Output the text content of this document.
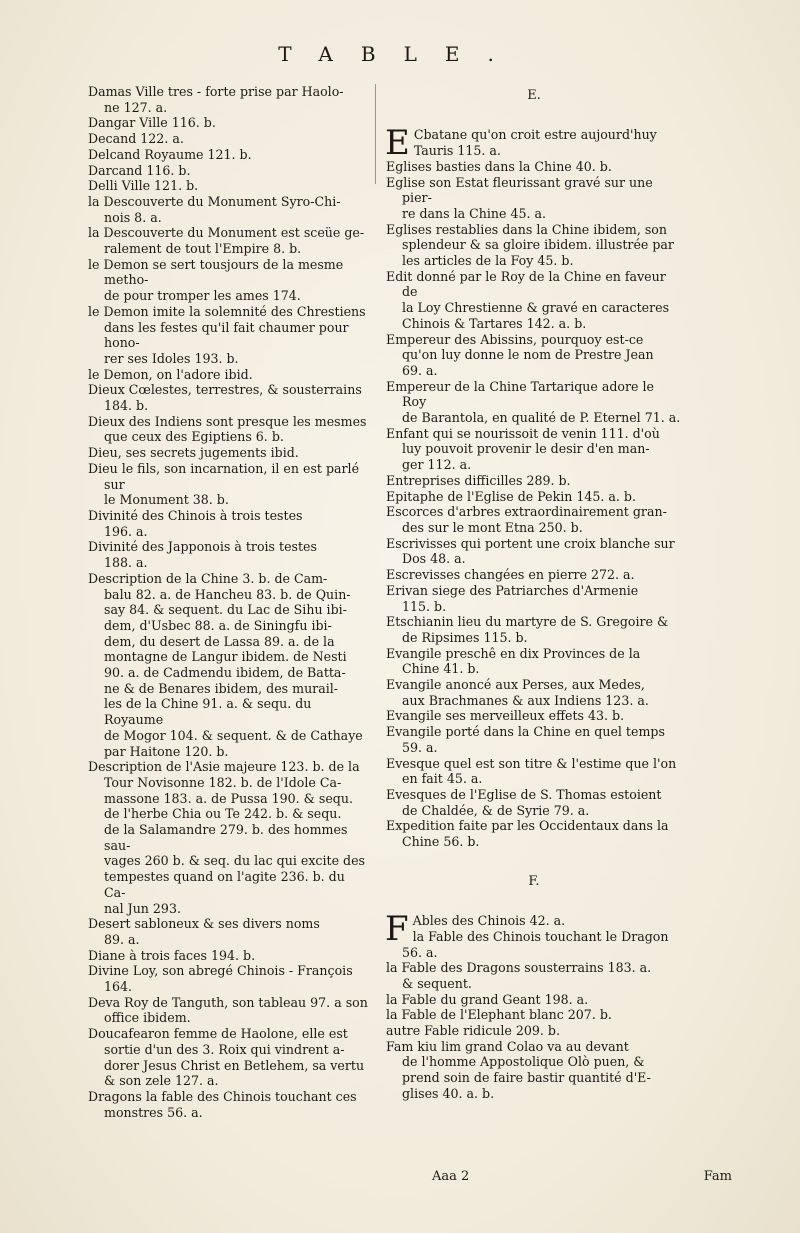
TABLE.

Damas Ville tres - forte prise par Haolo-
ne 127. a.

Dangar Ville 116. b.

Decand 122. a.

Delcand Royaume 121. b.

Darcand 116. b.

Delli Ville 121. b.

la Descouverte du Monument Syro-Chi-
nois 8. a.

la Descouverte du Monument est sceüe ge-
ralement de tout l'Empire 8. b.

le Demon se sert tousjours de la mesme metho-
de pour tromper les ames 174.

le Demon imite la solemnité des Chrestiens
dans les festes qu'il fait chaumer pour hono-
rer ses Idoles 193. b.

le Demon, on l'adore ibid.

Dieux Cœlestes, terrestres, & sousterrains
184. b.

Dieux des Indiens sont presque les mesmes
que ceux des Egiptiens 6. b.

Dieu, ses secrets jugements ibid.

Dieu le fils, son incarnation, il en est parlé sur
le Monument 38. b.

Divinité des Chinois à trois testes
196. a.

Divinité des Japponois à trois testes
188. a.

Description de la Chine 3. b. de Cam-
balu 82. a. de Hancheu 83. b. de Quin-
say 84. & sequent. du Lac de Sihu ibi-
dem, d'Usbec 88. a. de Siningfu ibi-
dem, du desert de Lassa 89. a. de la
montagne de Langur ibidem. de Nesti
90. a. de Cadmendu ibidem, de Batta-
ne & de Benares ibidem, des murail-
les de la Chine 91. a. & sequ. du Royaume
de Mogor 104. & sequent. & de Cathaye
par Haitone 120. b.

Description de l'Asie majeure 123. b. de la
Tour Novisonne 182. b. de l'Idole Ca-
massone 183. a. de Pussa 190. & sequ.
de l'herbe Chia ou Te 242. b. & sequ.
de la Salamandre 279. b. des hommes sau-
vages 260 b. & seq. du lac qui excite des
tempestes quand on l'agite 236. b. du Ca-
nal Jun 293.

Desert sabloneux & ses divers noms
89. a.

Diane à trois faces 194. b.

Divine Loy, son abregé Chinois - François
164.

Deva Roy de Tanguth, son tableau 97. a son
office ibidem.

Doucafearon femme de Haolone, elle est
sortie d'un des 3. Roix qui vindrent a-
dorer Jesus Christ en Betlehem, sa vertu
& son zele 127. a.

Dragons la fable des Chinois touchant ces
monstres 56. a.

E.

E Cbatane qu'on croit estre aujourd'huy
Tauris 115. a.

Eglises basties dans la Chine 40. b.

Eglise son Estat fleurissant gravé sur une pier-
re dans la Chine 45. a.

Eglises restablies dans la Chine ibidem, son
splendeur & sa gloire ibidem. illustrée par
les articles de la Foy 45. b.

Edit donné par le Roy de la Chine en faveur de
la Loy Chrestienne & gravé en caracteres
Chinois & Tartares 142. a. b.

Empereur des Abissins, pourquoy est-ce
qu'on luy donne le nom de Prestre Jean
69. a.

Empereur de la Chine Tartarique adore le Roy
de Barantola, en qualité de P. Eternel 71. a.

Enfant qui se nourissoit de venin 111. d'où
luy pouvoit provenir le desir d'en man-
ger 112. a.

Entreprises difficilles 289. b.

Epitaphe de l'Eglise de Pekin 145. a. b.

Escorces d'arbres extraordinairement gran-
des sur le mont Etna 250. b.

Escrivisses qui portent une croix blanche sur
Dos 48. a.

Escrevisses changées en pierre 272. a.

Erivan siege des Patriarches d'Armenie
115. b.

Etschianin lieu du martyre de S. Gregoire &
de Ripsimes 115. b.

Evangile preschê en dix Provinces de la
Chine 41. b.

Evangile anoncé aux Perses, aux Medes,
aux Brachmanes & aux Indiens 123. a.

Evangile ses merveilleux effets 43. b.

Evangile porté dans la Chine en quel temps
59. a.

Evesque quel est son titre & l'estime que l'on
en fait 45. a.

Evesques de l'Eglise de S. Thomas estoient
de Chaldée, & de Syrie 79. a.

Expedition faite par les Occidentaux dans la
Chine 56. b.

F.

F Ables des Chinois 42. a.
la Fable des Chinois touchant le Dragon
56. a.

la Fable des Dragons sousterrains 183. a.
& sequent.

la Fable du grand Geant 198. a.

la Fable de l'Elephant blanc 207. b.

autre Fable ridicule 209. b.

Fam kiu lim grand Colao va au devant
de l'homme Appostolique Olò puen, &
prend soin de faire bastir quantité d'E-
glises 40. a. b.

Aaa 2	Fam
